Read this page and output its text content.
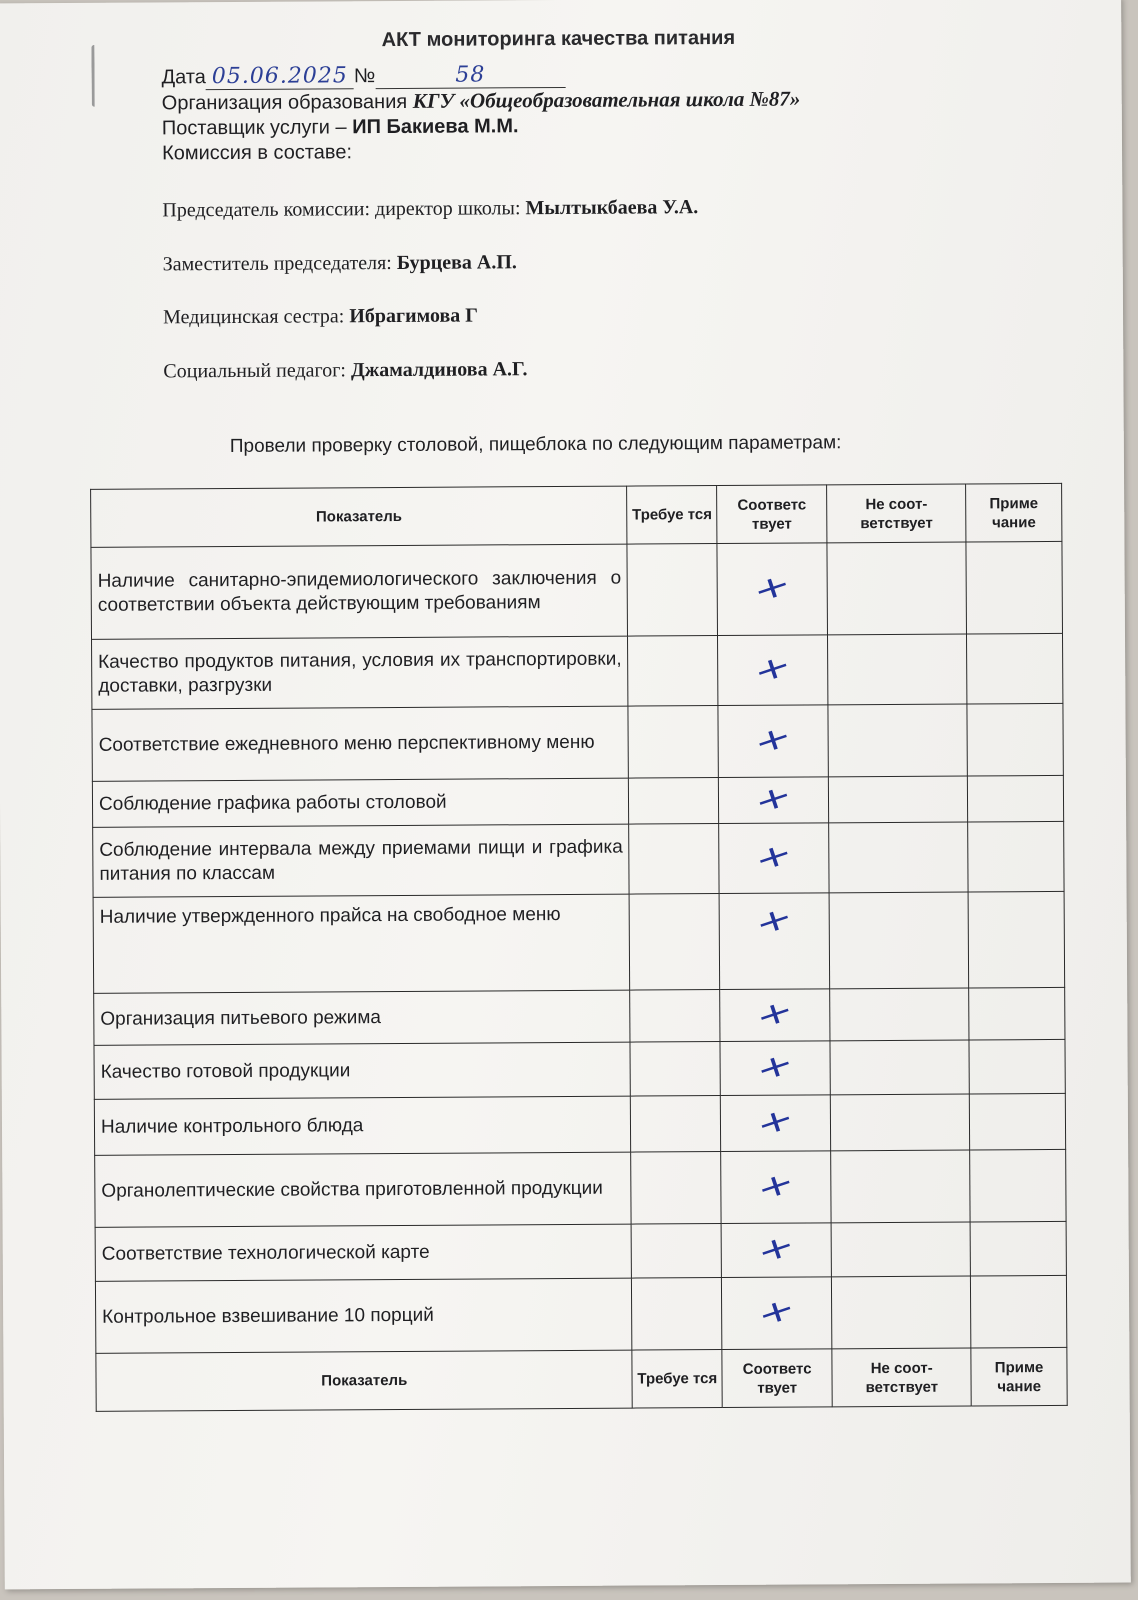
АКТ мониторинга качества питания
Дата 05.06.2025 №	58
Организация образования КГУ «Общеобразовательная школа №87»
Поставщик услуги – ИП Бакиева М.М.
Комиссия в составе:
Председатель комиссии: директор школы: Мылтыкбаева У.А.
Заместитель председателя: Бурцева А.П.
Медицинская сестра: Ибрагимова Г
Социальный педагог: Джамалдинова А.Г.
Провели проверку столовой, пищеблока по следующим параметрам:
Показатель	Требуе тся	Соответс твует	Не соот- ветствует	Приме чание
Наличие санитарно-эпидемиологического заключения о соответствии объекта действующим требованиям		+		
Качество продуктов питания, условия их транспортировки, доставки, разгрузки		+		
Соответствие ежедневного меню перспективному меню		+		
Соблюдение графика работы столовой		+		
Соблюдение интервала между приемами пищи и графика питания по классам		+		
Наличие утвержденного прайса на свободное меню		+		
Организация питьевого режима		+		
Качество готовой продукции		+		
Наличие контрольного блюда		+		
Органолептические свойства приготовленной продукции		+		
Соответствие технологической карте		+		
Контрольное взвешивание 10 порций		+		
Показатель	Требуе тся	Соответс твует	Не соот- ветствует	Приме чание
